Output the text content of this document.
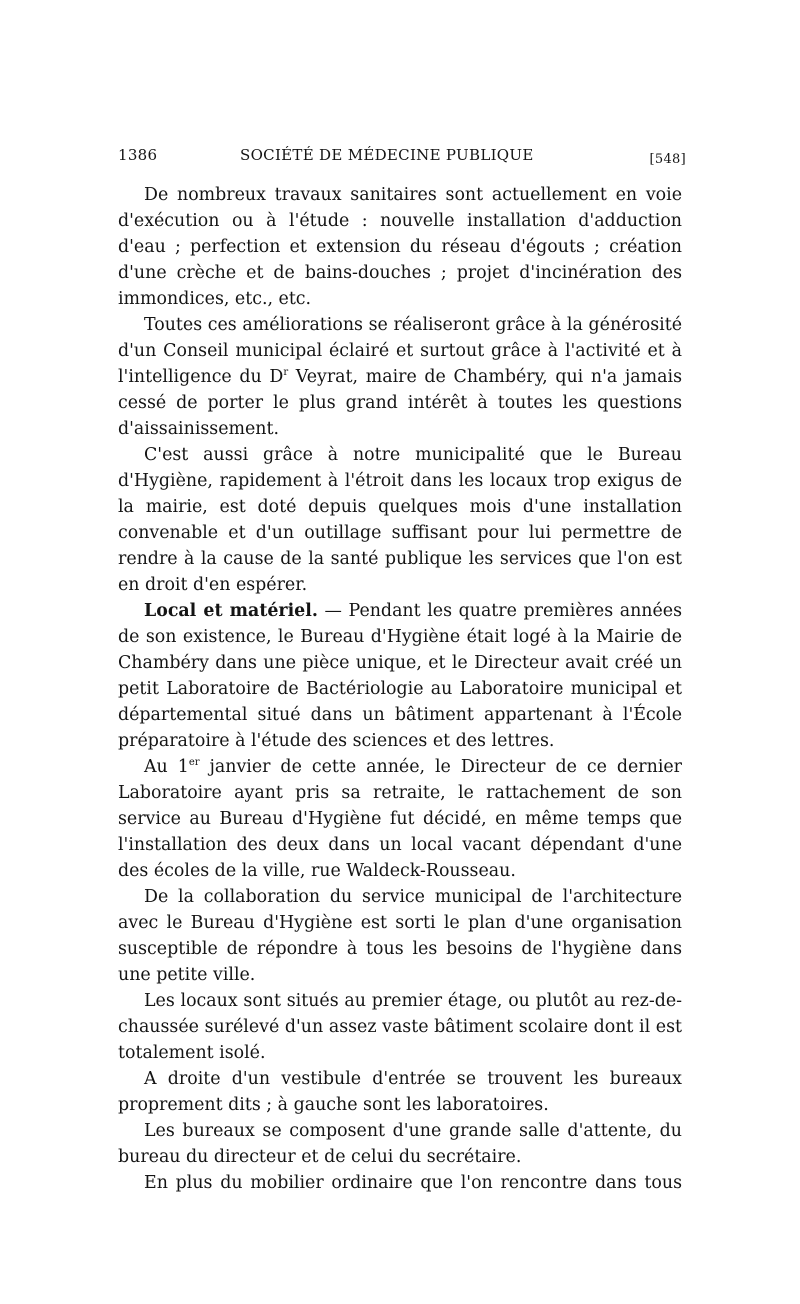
1386	SOCIÉTÉ DE MÉDECINE PUBLIQUE	[548]

De nombreux travaux sanitaires sont actuellement en voie d'exécution ou à l'étude : nouvelle installation d'adduction d'eau ; perfection et extension du réseau d'égouts ; création d'une crèche et de bains-douches ; projet d'incinération des immondices, etc., etc.

Toutes ces améliorations se réaliseront grâce à la générosité d'un Conseil municipal éclairé et surtout grâce à l'activité et à l'intelligence du $D^r$ Veyrat, maire de Chambéry, qui n'a jamais cessé de porter le plus grand intérêt à toutes les questions d'aissainissement.

C'est aussi grâce à notre municipalité que le Bureau d'Hygiène, rapidement à l'étroit dans les locaux trop exigus de la mairie, est doté depuis quelques mois d'une installation convenable et d'un outillage suffisant pour lui permettre de rendre à la cause de la santé publique les services que l'on est en droit d'en espérer.

Local et matériel. — Pendant les quatre premières années de son existence, le Bureau d'Hygiène était logé à la Mairie de Chambéry dans une pièce unique, et le Directeur avait créé un petit Laboratoire de Bactériologie au Laboratoire municipal et départemental situé dans un bâtiment appartenant à l'École préparatoire à l'étude des sciences et des lettres.

Au 1er janvier de cette année, le Directeur de ce dernier Laboratoire ayant pris sa retraite, le rattachement de son service au Bureau d'Hygiène fut décidé, en même temps que l'installation des deux dans un local vacant dépendant d'une des écoles de la ville, rue Waldeck-Rousseau.

De la collaboration du service municipal de l'architecture avec le Bureau d'Hygiène est sorti le plan d'une organisation susceptible de répondre à tous les besoins de l'hygiène dans une petite ville.

Les locaux sont situés au premier étage, ou plutôt au rez-de-chaussée surélevé d'un assez vaste bâtiment scolaire dont il est totalement isolé.

A droite d'un vestibule d'entrée se trouvent les bureaux proprement dits ; à gauche sont les laboratoires.

Les bureaux se composent d'une grande salle d'attente, du bureau du directeur et de celui du secrétaire.

En plus du mobilier ordinaire que l'on rencontre dans tous
